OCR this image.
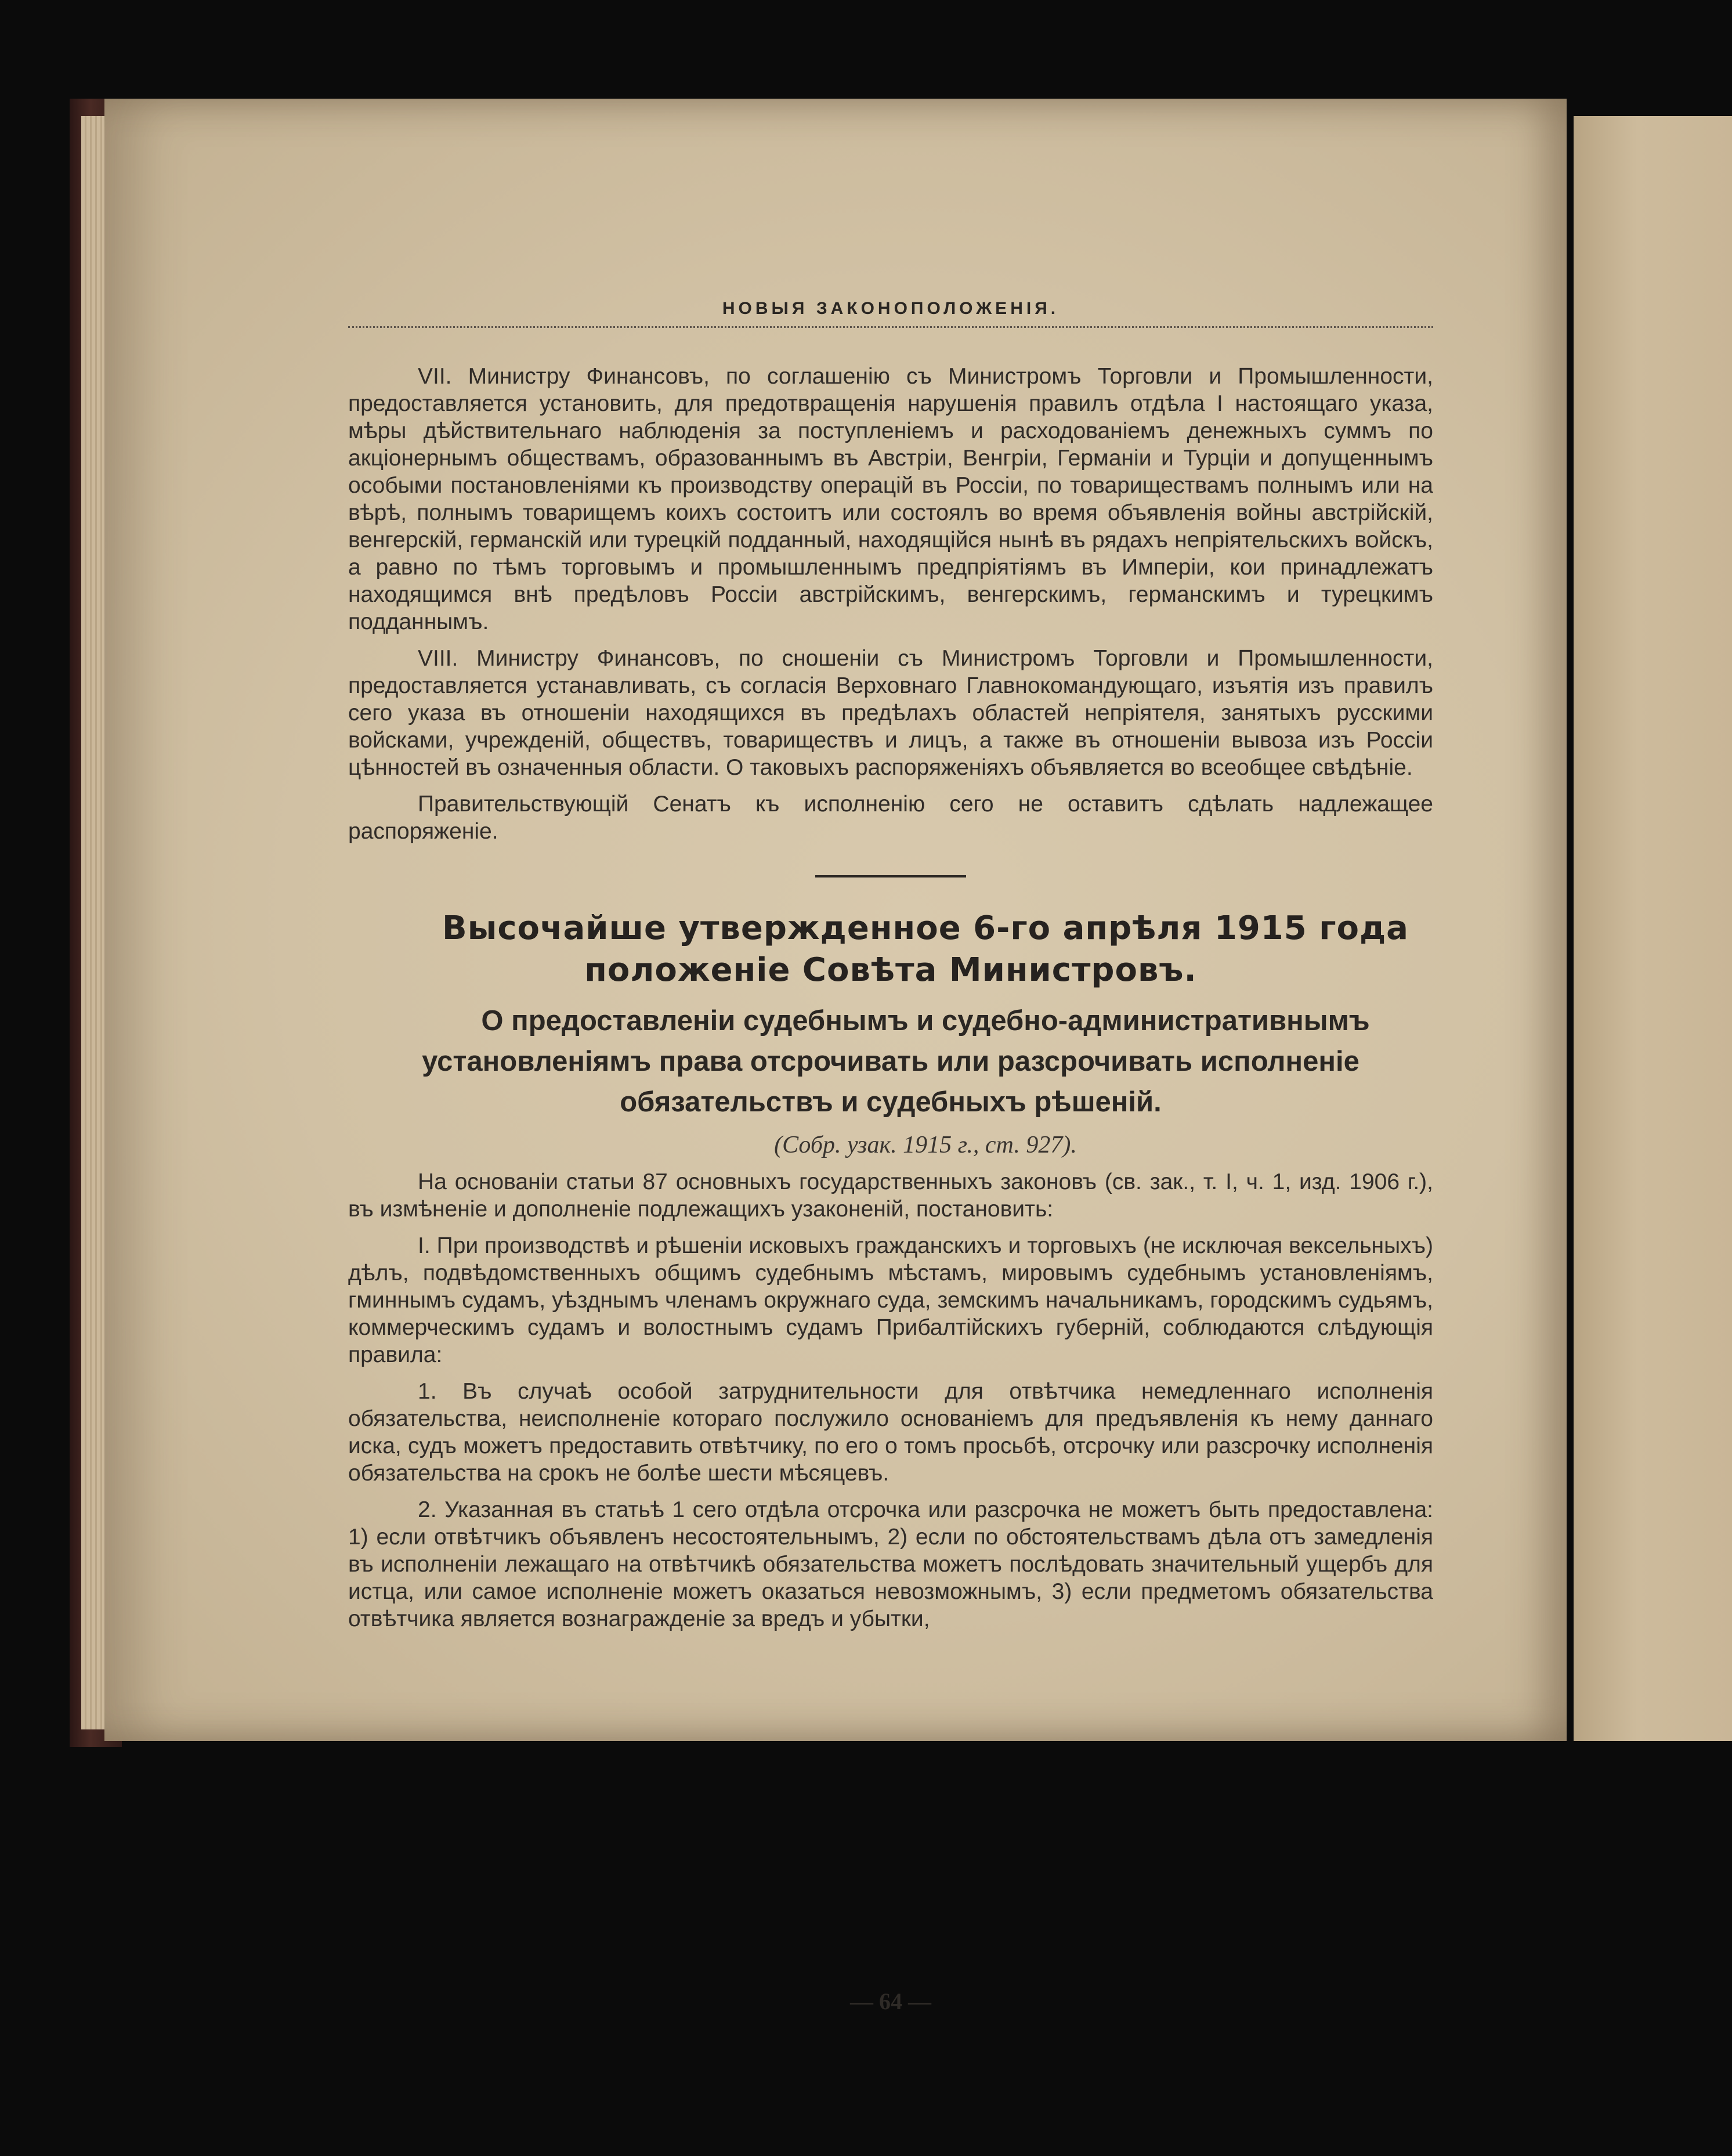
НОВЫЯ ЗАКОНОПОЛОЖЕНІЯ.

VII. Министру Финансовъ, по соглашенію съ Министромъ Торговли и Промышленности, предоставляется установить, для предотвращенія нарушенія правилъ отдѣла I настоящаго указа, мѣры дѣйствительнаго наблюденія за поступленіемъ и расходованіемъ денежныхъ суммъ по акціонернымъ обществамъ, образованнымъ въ Австріи, Венгріи, Германіи и Турціи и допущеннымъ особыми постановленіями къ производству операцій въ Россіи, по товариществамъ полнымъ или на вѣрѣ, полнымъ товарищемъ коихъ состоитъ или состоялъ во время объявленія войны австрійскій, венгерскій, германскій или турецкій подданный, находящійся нынѣ въ рядахъ непріятельскихъ войскъ, а равно по тѣмъ торговымъ и промышленнымъ предпріятіямъ въ Имперіи, кои принадлежатъ находящимся внѣ предѣловъ Россіи австрійскимъ, венгерскимъ, германскимъ и турецкимъ подданнымъ.

VIII. Министру Финансовъ, по сношеніи съ Министромъ Торговли и Промышленности, предоставляется устанавливать, съ согласія Верховнаго Главнокомандующаго, изъятія изъ правилъ сего указа въ отношеніи находящихся въ предѣлахъ областей непріятеля, занятыхъ русскими войсками, учрежденій, обществъ, товариществъ и лицъ, а также въ отношеніи вывоза изъ Россіи цѣнностей въ означенныя области. О таковыхъ распоряженіяхъ объявляется во всеобщее свѣдѣніе.

Правительствующій Сенатъ къ исполненію сего не оставитъ сдѣлать надлежащее распоряженіе.

Высочайше утвержденное 6-го апрѣля 1915 года положеніе Совѣта Министровъ.

О предоставленіи судебнымъ и судебно-административнымъ установленіямъ права отсрочивать или разсрочивать исполненіе обязательствъ и судебныхъ рѣшеній.

(Собр. узак. 1915 г., ст. 927).

На основаніи статьи 87 основныхъ государственныхъ законовъ (св. зак., т. I, ч. 1, изд. 1906 г.), въ измѣненіе и дополненіе подлежащихъ узаконеній, постановить:

I. При производствѣ и рѣшеніи исковыхъ гражданскихъ и торговыхъ (не исключая вексельныхъ) дѣлъ, подвѣдомственныхъ общимъ судебнымъ мѣстамъ, мировымъ судебнымъ установленіямъ, гминнымъ судамъ, уѣзднымъ членамъ окружнаго суда, земскимъ начальникамъ, городскимъ судьямъ, коммерческимъ судамъ и волостнымъ судамъ Прибалтійскихъ губерній, соблюдаются слѣдующія правила:

1. Въ случаѣ особой затруднительности для отвѣтчика немедленнаго исполненія обязательства, неисполненіе котораго послужило основаніемъ для предъявленія къ нему даннаго иска, судъ можетъ предоставить отвѣтчику, по его о томъ просьбѣ, отсрочку или разсрочку исполненія обязательства на срокъ не болѣе шести мѣсяцевъ.

2. Указанная въ статьѣ 1 сего отдѣла отсрочка или разсрочка не можетъ быть предоставлена: 1) если отвѣтчикъ объявленъ несостоятельнымъ, 2) если по обстоятельствамъ дѣла отъ замедленія въ исполненіи лежащаго на отвѣтчикѣ обязательства можетъ послѣдовать значительный ущербъ для истца, или самое исполненіе можетъ оказаться невозможнымъ, 3) если предметомъ обязательства отвѣтчика является вознагражденіе за вредъ и убытки,

— 64 —
